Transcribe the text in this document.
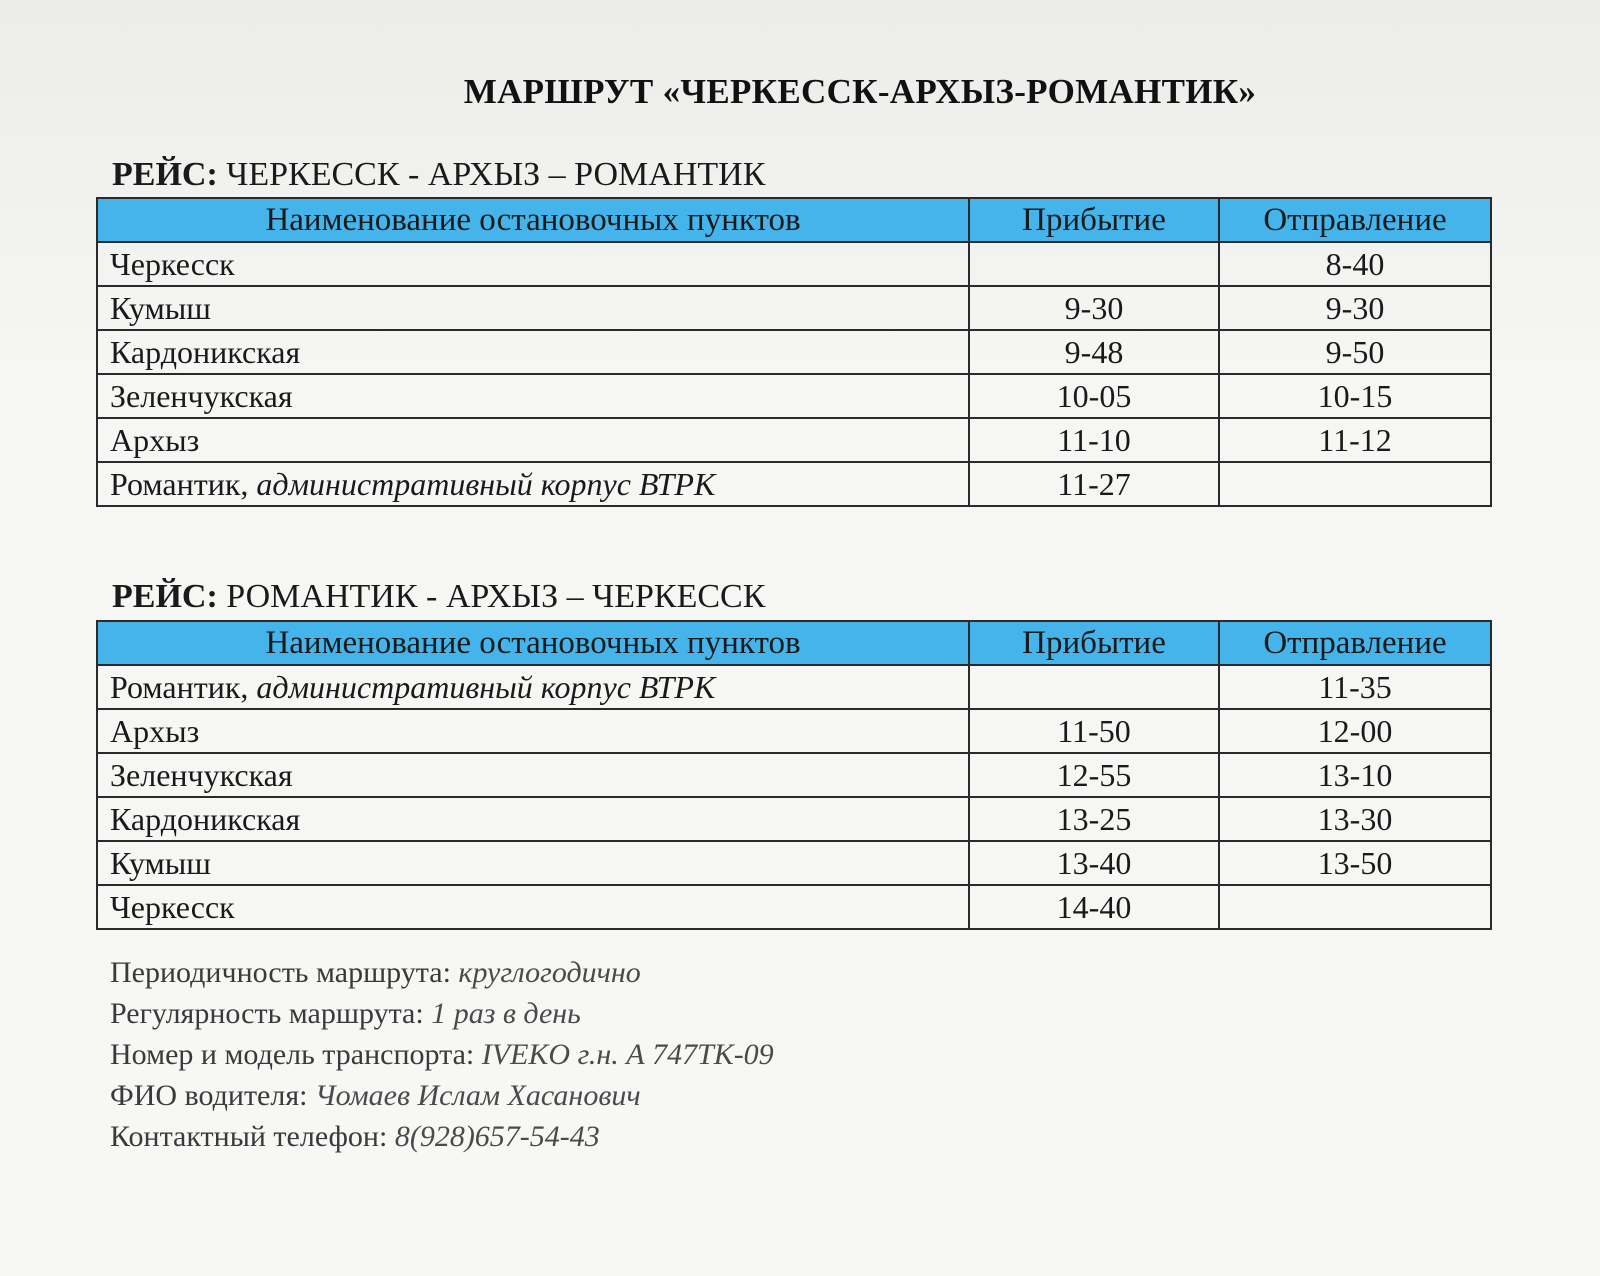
МАРШРУТ «ЧЕРКЕССК-АРХЫЗ-РОМАНТИК»
РЕЙС: ЧЕРКЕССК - АРХЫЗ – РОМАНТИК
Наименование остановочных пунктов	Прибытие	Отправление
Черкесск		8-40
Кумыш	9-30	9-30
Кардоникская	9-48	9-50
Зеленчукская	10-05	10-15
Архыз	11-10	11-12
Романтик, административный корпус ВТРК	11-27	
РЕЙС: РОМАНТИК - АРХЫЗ – ЧЕРКЕССК
Наименование остановочных пунктов	Прибытие	Отправление
Романтик, административный корпус ВТРК		11-35
Архыз	11-50	12-00
Зеленчукская	12-55	13-10
Кардоникская	13-25	13-30
Кумыш	13-40	13-50
Черкесск	14-40	
Периодичность маршрута: круглогодично
Регулярность маршрута: 1 раз в день
Номер и модель транспорта: IVEKO г.н. А 747ТК-09
ФИО водителя: Чомаев Ислам Хасанович
Контактный телефон: 8(928)657-54-43
